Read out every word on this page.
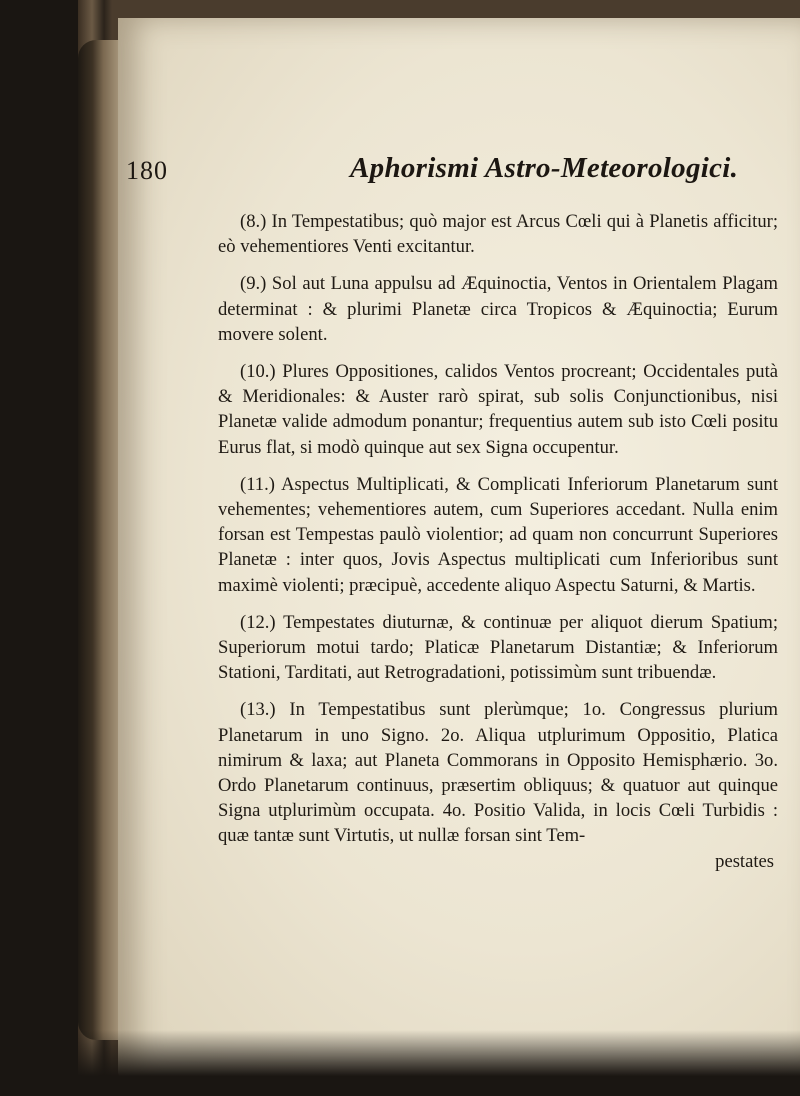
180	Aphorismi Astro-Meteorologici.

(8.) In Tempestatibus; quò major est Arcus Cœli qui à Planetis afficitur; eò vehementiores Venti excitantur.

(9.) Sol aut Luna appulsu ad Æquinoctia, Ventos in Orientalem Plagam determinat : & plurimi Planetæ circa Tropicos & Æquinoctia; Eurum movere solent.

(10.) Plures Oppositiones, calidos Ventos procreant; Occidentales putà & Meridionales: & Auster rarò spirat, sub solis Conjunctionibus, nisi Planetæ valide admodum ponantur; frequentius autem sub isto Cœli positu Eurus flat, si modò quinque aut sex Signa occupentur.

(11.) Aspectus Multiplicati, & Complicati Inferiorum Planetarum sunt vehementes; vehementiores autem, cum Superiores accedant. Nulla enim forsan est Tempestas paulò violentior; ad quam non concurrunt Superiores Planetæ : inter quos, Jovis Aspectus multiplicati cum Inferioribus sunt maximè violenti; præcipuè, accedente aliquo Aspectu Saturni, & Martis.

(12.) Tempestates diuturnæ, & continuæ per aliquot dierum Spatium; Superiorum motui tardo; Platicæ Planetarum Distantiæ; & Inferiorum Stationi, Tarditati, aut Retrogradationi, potissimùm sunt tribuendæ.

(13.) In Tempestatibus sunt plerùmque; 1o. Congressus plurium Planetarum in uno Signo. 2o. Aliqua utplurimum Oppositio, Platica nimirum & laxa; aut Planeta Commorans in Opposito Hemisphærio. 3o. Ordo Planetarum continuus, præsertim obliquus; & quatuor aut quinque Signa utplurimùm occupata. 4o. Positio Valida, in locis Cœli Turbidis : quæ tantæ sunt Virtutis, ut nullæ forsan sint Tem-

pestates
